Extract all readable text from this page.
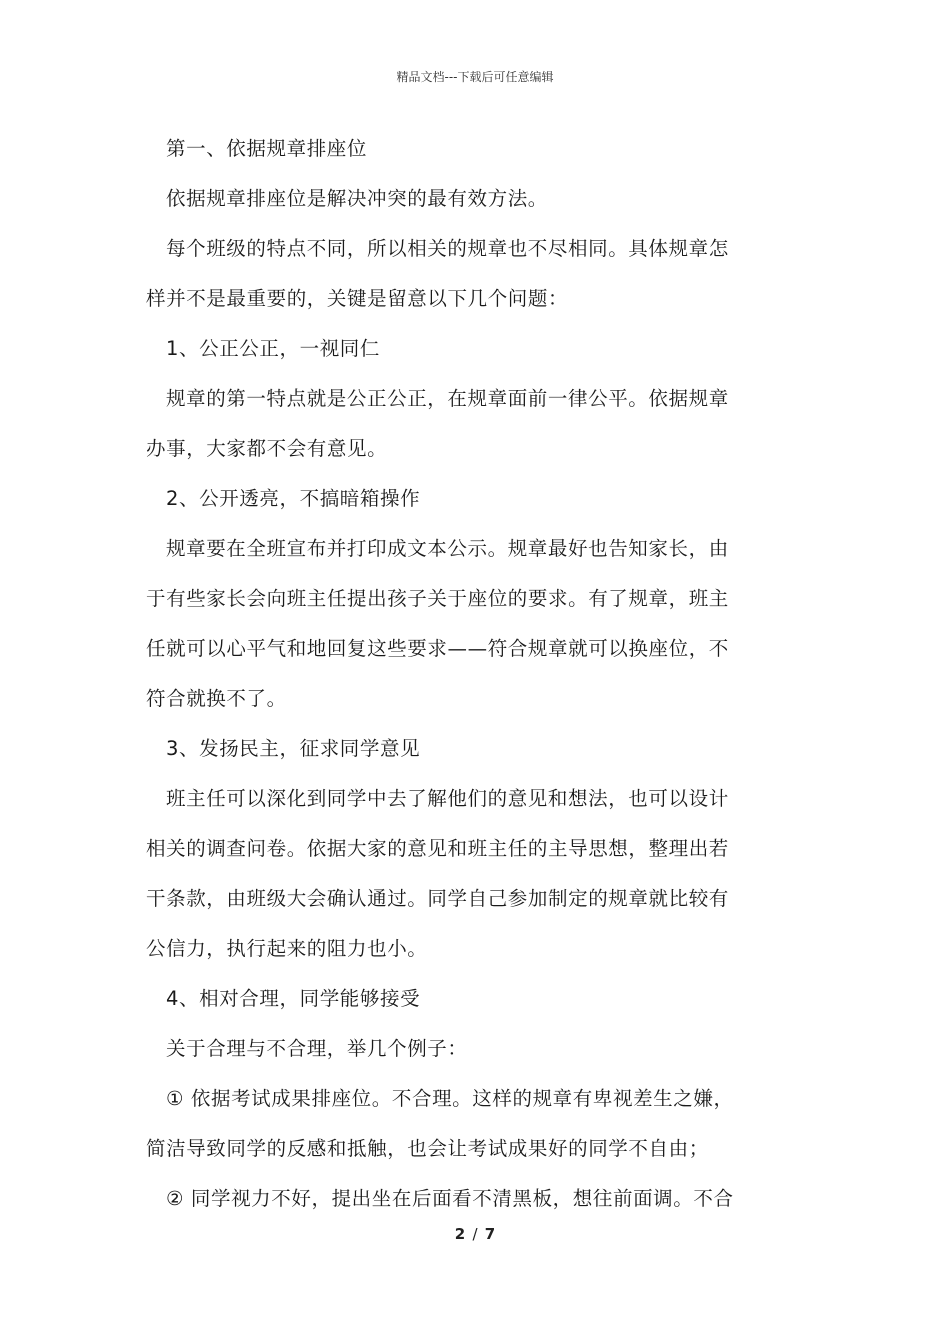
精品文档---下载后可任意编辑

第一、依据规章排座位

依据规章排座位是解决冲突的最有效方法。

每个班级的特点不同，所以相关的规章也不尽相同。具体规章怎

样并不是最重要的，关键是留意以下几个问题：

1、公正公正，一视同仁

规章的第一特点就是公正公正，在规章面前一律公平。依据规章

办事，大家都不会有意见。

2、公开透亮，不搞暗箱操作

规章要在全班宣布并打印成文本公示。规章最好也告知家长，由

于有些家长会向班主任提出孩子关于座位的要求。有了规章，班主

任就可以心平气和地回复这些要求——符合规章就可以换座位，不

符合就换不了。

3、发扬民主，征求同学意见

班主任可以深化到同学中去了解他们的意见和想法，也可以设计

相关的调查问卷。依据大家的意见和班主任的主导思想，整理出若

干条款，由班级大会确认通过。同学自己参加制定的规章就比较有

公信力，执行起来的阻力也小。

4、相对合理，同学能够接受

关于合理与不合理，举几个例子：

① 依据考试成果排座位。不合理。这样的规章有卑视差生之嫌，

简洁导致同学的反感和抵触，也会让考试成果好的同学不自由；

② 同学视力不好，提出坐在后面看不清黑板，想往前面调。不合

2 / 7
